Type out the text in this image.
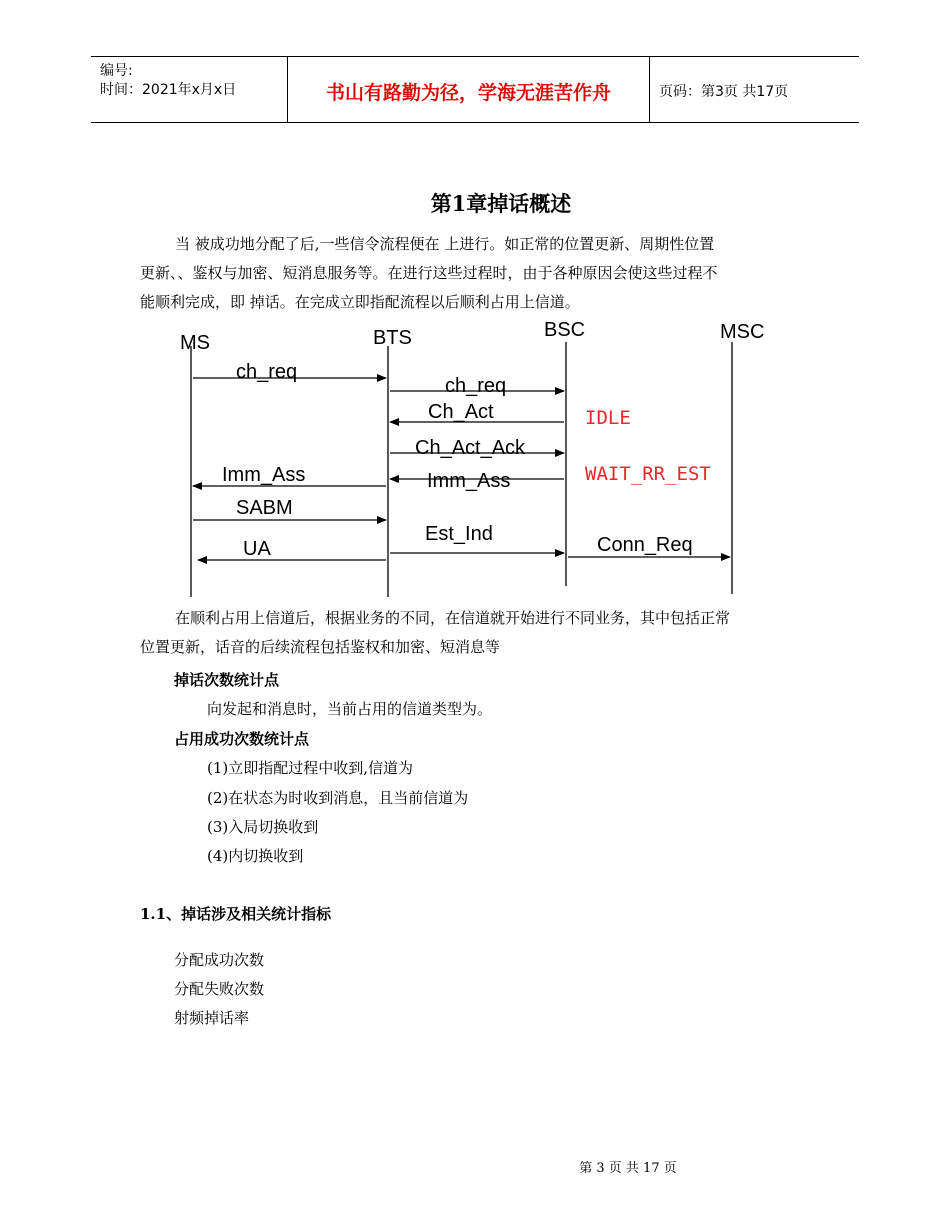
编号:
时间：2021年x月x日	书山有路勤为径，学海无涯苦作舟	页码：第3页 共17页
第1章掉话概述
当 被成功地分配了后,一些信令流程便在 上进行。如正常的位置更新、周期性位置
更新、、鉴权与加密、短消息服务等。在进行这些过程时，由于各种原因会使这些过程不
能顺利完成，即 掉话。在完成立即指配流程以后顺利占用上信道。
MS	BTS	BSC	MSC
ch_req
ch_req
Ch_Act
Ch_Act_Ack
Imm_Ass	Imm_Ass
SABM
Est_Ind	Conn_Req
UA
IDLE
WAIT_RR_EST
在顺利占用上信道后，根据业务的不同，在信道就开始进行不同业务，其中包括正常
位置更新，话音的后续流程包括鉴权和加密、短消息等
掉话次数统计点
向发起和消息时，当前占用的信道类型为。
占用成功次数统计点
(1)立即指配过程中收到,信道为
(2)在状态为时收到消息，且当前信道为
(3)入局切换收到
(4)内切换收到
1.1、掉话涉及相关统计指标
分配成功次数
分配失败次数
射频掉话率
第 3 页 共 17 页
